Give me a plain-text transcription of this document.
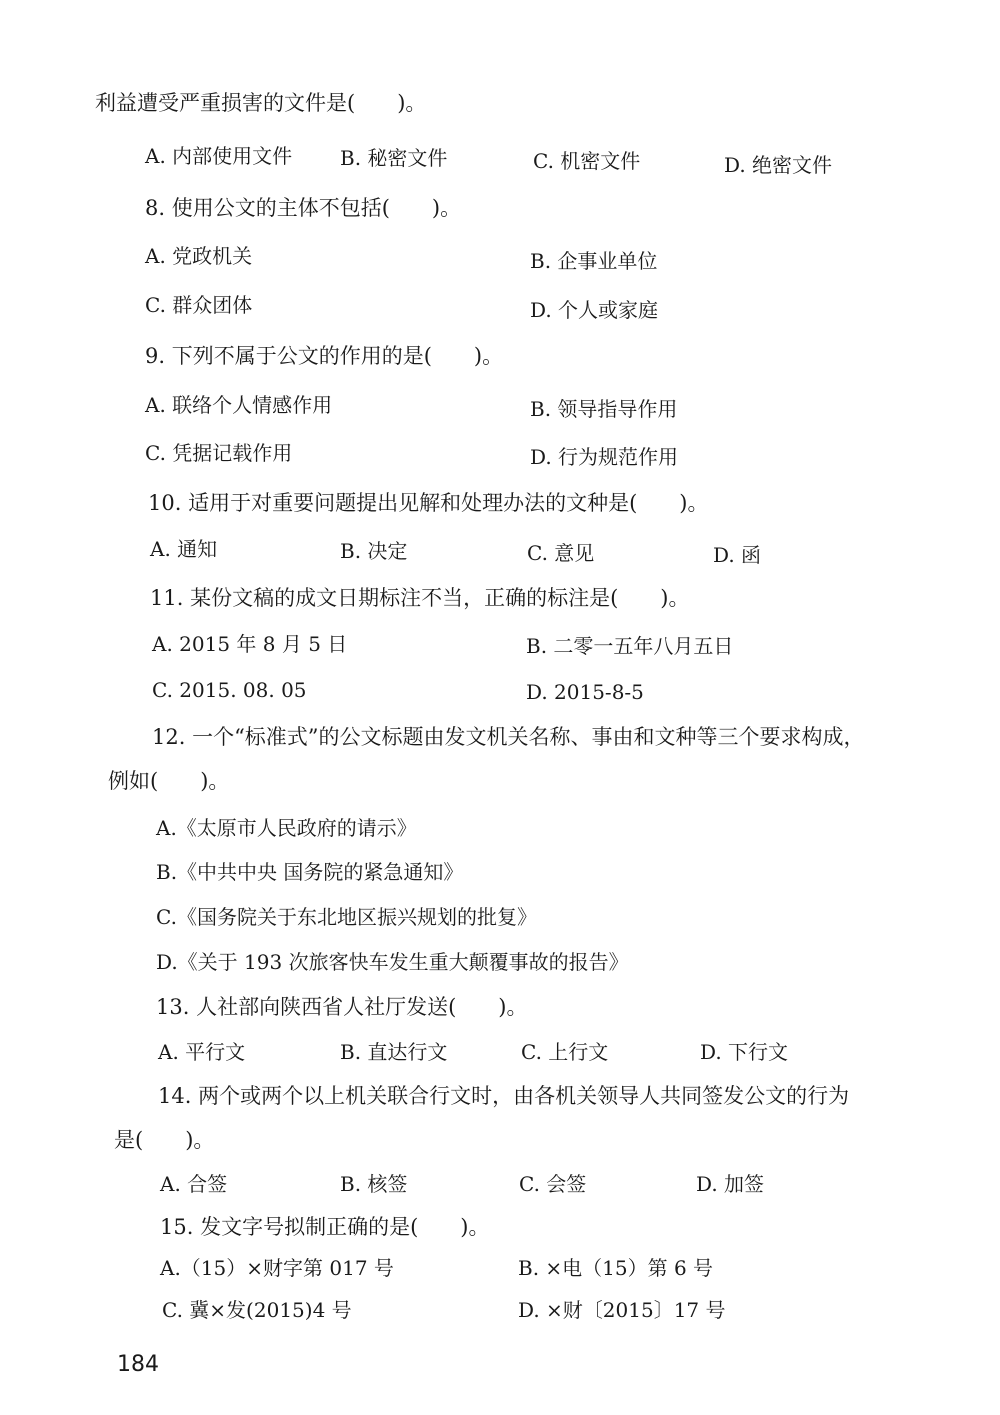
利益遭受严重损害的文件是(　　)。
A. 内部使用文件 B. 秘密文件	C. 机密文件	D. 绝密文件
8. 使用公文的主体不包括(　　)。
A. 党政机关	B. 企事业单位
C. 群众团体	D. 个人或家庭
9. 下列不属于公文的作用的是(　　)。
A. 联络个人情感作用	B. 领导指导作用
C. 凭据记载作用	D. 行为规范作用
10. 适用于对重要问题提出见解和处理办法的文种是(　　)。
A. 通知	B. 决定	C. 意见	D. 函
11. 某份文稿的成文日期标注不当，正确的标注是(　　)。
A. 2015 年 8 月 5 日	B. 二零一五年八月五日
C. 2015. 08. 05	D. 2015-8-5
12. 一个“标准式”的公文标题由发文机关名称、事由和文种等三个要求构成，
例如(　　)。
A.《太原市人民政府的请示》
B.《中共中央 国务院的紧急通知》
C.《国务院关于东北地区振兴规划的批复》
D.《关于 193 次旅客快车发生重大颠覆事故的报告》
13. 人社部向陕西省人社厅发送(　　)。
A. 平行文	B. 直达行文	C. 上行文	D. 下行文
14. 两个或两个以上机关联合行文时，由各机关领导人共同签发公文的行为
是(　　)。
A. 合签	B. 核签	C. 会签	D. 加签
15. 发文字号拟制正确的是(　　)。
A.（15）×财字第 017 号	B. ×电（15）第 6 号
C. 冀×发(2015)4 号	D. ×财〔2015〕17 号
184
